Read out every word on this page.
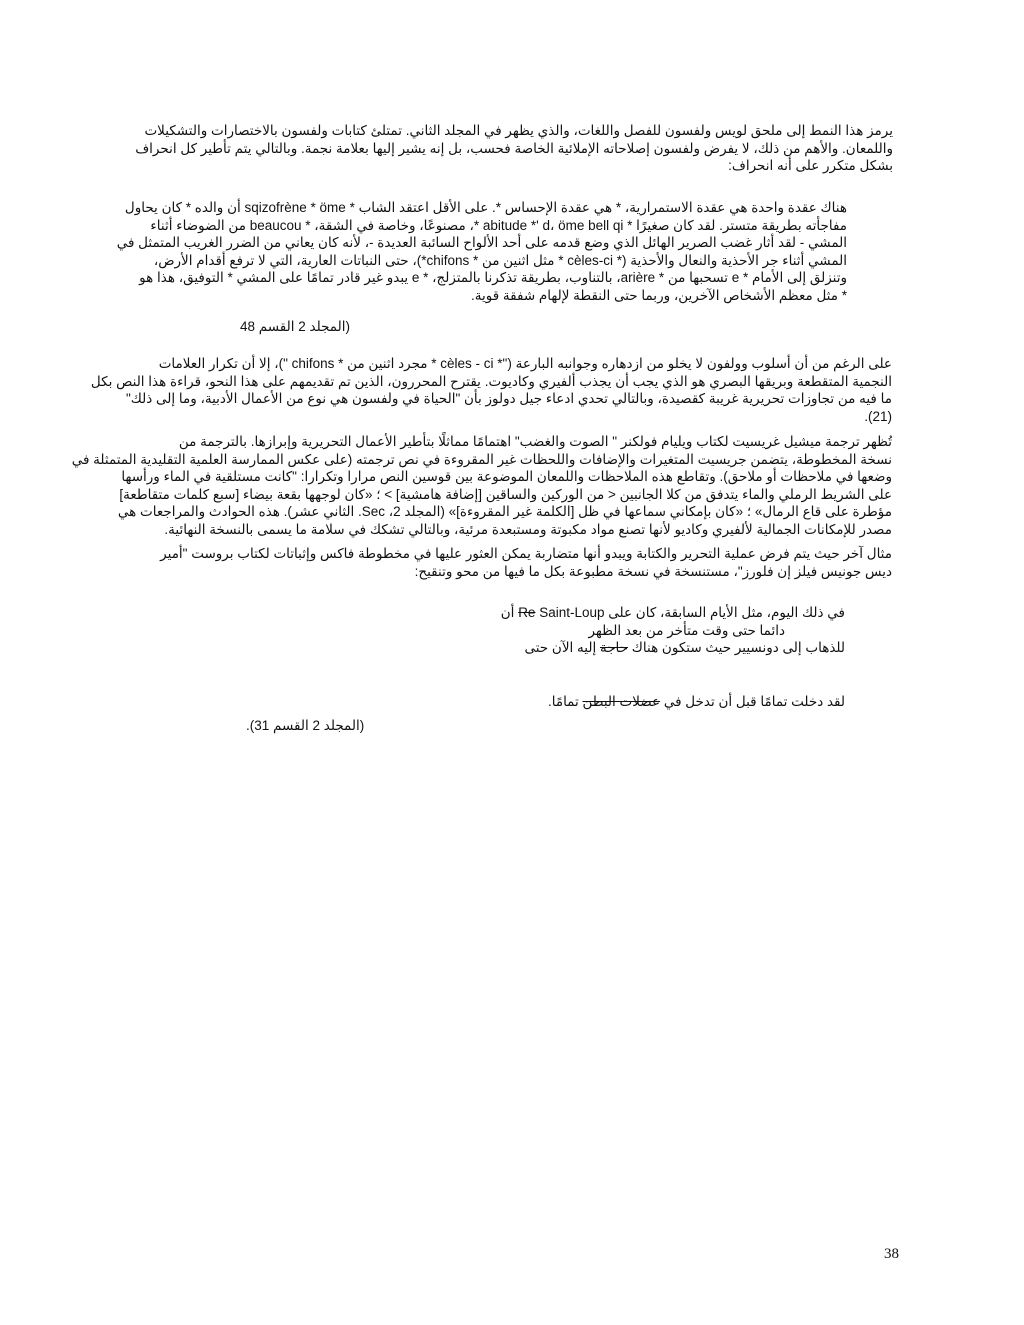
يرمز هذا النمط إلى ملحق لويس ولفسون للفصل واللغات، والذي يظهر في المجلد الثاني. تمتلئ كتابات ولفسون بالاختصارات والتشكيلات
واللمعان. والأهم من ذلك، لا يفرض ولفسون إصلاحاته الإملائية الخاصة فحسب، بل إنه يشير إليها بعلامة نجمة. وبالتالي يتم تأطير كل انحراف
بشكل متكرر على أنه انحراف:
هناك عقدة واحدة هي عقدة الاستمرارية، * هي عقدة الإحساس *. على الأقل اعتقد الشاب * sqizofrène * öme أن والده * كان يحاول
مفاجأته بطريقة متستر. لقد كان صغيرًا * abitude *' d، öme bell qi *، مصنوعًا، وخاصة في الشقة، * beaucou من الضوضاء أثناء
المشي - لقد أثار غضب الصرير الهائل الذي وضع قدمه على أحد الألواح السائبة العديدة -، لأنه كان يعاني من الضرر الغريب المتمثل في
المشي أثناء جر الأحذية والنعال والأحذية (* cèles-ci * مثل اثنين من * chifons*)، حتى النباتات العارية، التي لا ترفع أقدام الأرض،
وتنزلق إلى الأمام * e تسحبها من * arière، بالتناوب، بطريقة تذكرنا بالمتزلج، * e يبدو غير قادر تمامًا على المشي * التوفيق، هذا هو
* مثل معظم الأشخاص الآخرين، وربما حتى النقطة لإلهام شفقة قوية.
(المجلد 2 القسم 48
على الرغم من أن أسلوب وولفون لا يخلو من ازدهاره وجوانبه البارعة ("* cèles - ci * مجرد اثنين من * chifons ")، إلا أن تكرار العلامات
النجمية المتقطعة وبريقها البصري هو الذي يجب أن يجذب ألفيري وكاديوت. يقترح المحررون، الذين تم تقديمهم على هذا النحو، قراءة هذا النص بكل
ما فيه من تجاوزات تحريرية غريبة كقصيدة، وبالتالي تحدي ادعاء جيل دولوز بأن "الحياة في ولفسون هي نوع من الأعمال الأدبية، وما إلى ذلك"
(21).
تُظهر ترجمة ميشيل غريسيت لكتاب ويليام فولكنر " الصوت والغضب" اهتمامًا مماثلًا بتأطير الأعمال التحريرية وإبرازها. بالترجمة من
نسخة المخطوطة، يتضمن جريسيت المتغيرات والإضافات واللحظات غير المقروءة في نص ترجمته (على عكس الممارسة العلمية التقليدية المتمثلة في
وضعها في ملاحظات أو ملاحق). وتقاطع هذه الملاحظات واللمعان الموضوعة بين قوسين النص مرارا وتكرارا: "كانت مستلقية في الماء ورأسها
على الشريط الرملي والماء يتدفق من كلا الجانبين < من الوركين والساقين [إضافة هامشية] > ؛ «كان لوجهها بقعة بيضاء [سبع كلمات متقاطعة]
مؤطرة على قاع الرمال» ؛ «كان بإمكاني سماعها في ظل [الكلمة غير المقروءة]» (المجلد 2، Sec. الثاني عشر). هذه الحوادث والمراجعات هي
مصدر للإمكانات الجمالية لألفيري وكاديو لأنها تصنع مواد مكبوتة ومستبعدة مرئية، وبالتالي تشكك في سلامة ما يسمى بالنسخة النهائية.
مثال آخر حيث يتم فرض عملية التحرير والكتابة ويبدو أنها متضاربة يمكن العثور عليها في مخطوطة فاكس وإثباتات لكتاب بروست "أمير
ديس جونيس فيلز إن فلورز"، مستنسخة في نسخة مطبوعة بكل ما فيها من محو وتنقيح:
في ذلك اليوم، مثل الأيام السابقة، كان على Re Saint-Loup أن
دائما حتى وقت متأخر من بعد الظهر
للذهاب إلى دونسيير حيث ستكون هناك حاجة إليه الآن حتى
لقد دخلت تمامًا قبل أن تدخل في عضلات البطن تمامًا.
(المجلد 2 القسم 31).
38
